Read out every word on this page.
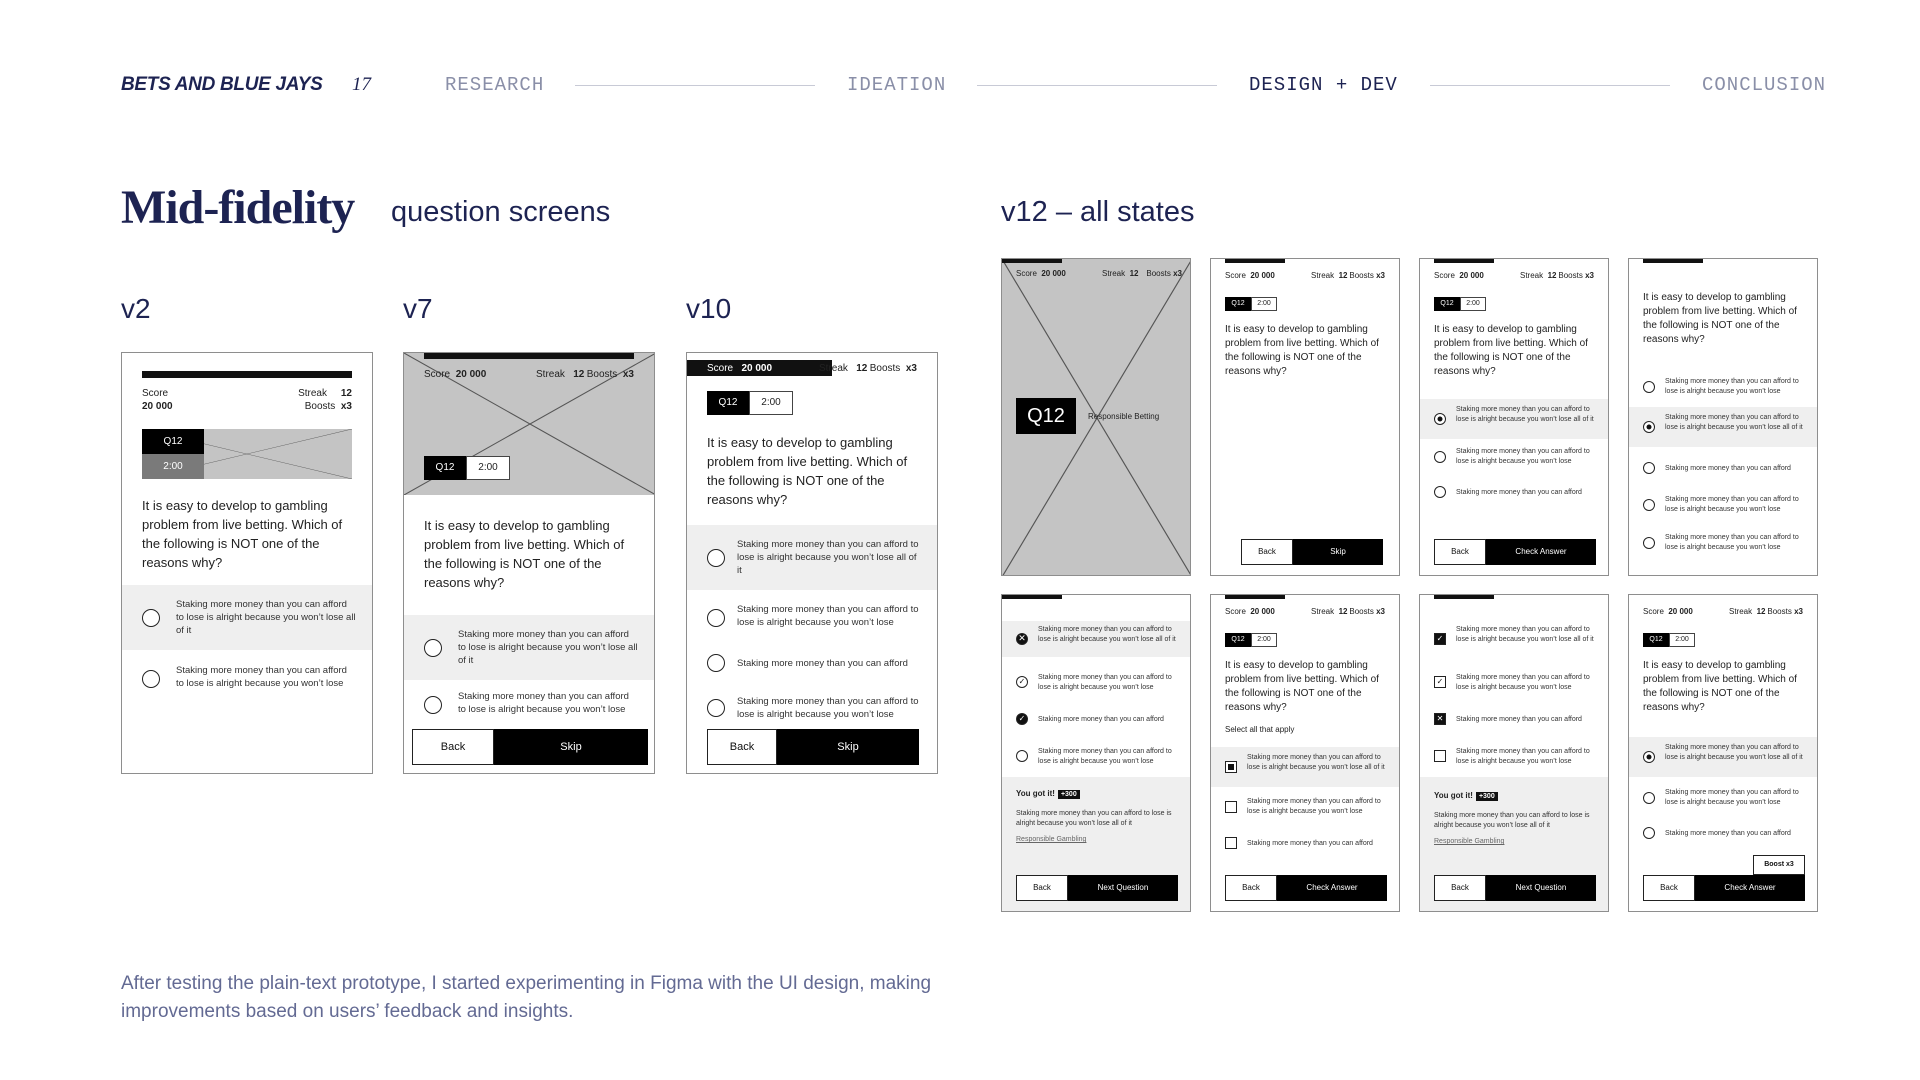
BETS AND BLUE JAYS 17	RESEARCH	IDEATION	DESIGN + DEV	CONCLUSION
Mid-fidelity question screens	v12 – all states
v2	v7	v10
Score
20 000
Streak 12
Boosts x3
Q12
2:00
It is easy to develop to gambling problem from live betting. Which of the following is NOT one of the reasons why?
Staking more money than you can afford to lose is alright because you won’t lose all of it
Staking more money than you can afford to lose is alright because you won’t lose
Score 20 000	Streak 12 Boosts x3
Q12	2:00
It is easy to develop to gambling problem from live betting. Which of the following is NOT one of the reasons why?
Staking more money than you can afford to lose is alright because you won’t lose all of it
Staking more money than you can afford to lose is alright because you won’t lose
Back	Skip
Score 20 000	Streak 12 Boosts x3
Q12	2:00
It is easy to develop to gambling problem from live betting. Which of the following is NOT one of the reasons why?
Staking more money than you can afford to lose is alright because you won’t lose all of it
Staking more money than you can afford to lose is alright because you won’t lose
Staking more money than you can afford
Staking more money than you can afford to lose is alright because you won’t lose
Back	Skip
Score 20 000	Streak 12 Boosts x3
Q12	Responsible Betting
Score 20 000	Streak 12 Boosts x3
Q12	2:00
It is easy to develop to gambling problem from live betting. Which of the following is NOT one of the reasons why?
Back	Skip
Score 20 000	Streak 12 Boosts x3
Q12	2:00
It is easy to develop to gambling problem from live betting. Which of the following is NOT one of the reasons why?
Staking more money than you can afford to lose is alright because you won’t lose all of it
Staking more money than you can afford to lose is alright because you won’t lose
Staking more money than you can afford
Back	Check Answer
It is easy to develop to gambling problem from live betting. Which of the following is NOT one of the reasons why?
Staking more money than you can afford to lose is alright because you won’t lose
Staking more money than you can afford to lose is alright because you won’t lose all of it
Staking more money than you can afford
Staking more money than you can afford to lose is alright because you won’t lose
Staking more money than you can afford to lose is alright because you won’t lose
✕
Staking more money than you can afford to lose is alright because you won’t lose all of it
✓	Staking more money than you can afford to lose is alright because you won’t lose
✓	Staking more money than you can afford
Staking more money than you can afford to lose is alright because you won’t lose
You got it! +300
Staking more money than you can afford to lose is alright because you won’t lose all of it
Responsible Gambling
Back	Next Question
Score 20 000	Streak 12 Boosts x3
Q12	2:00
It is easy to develop to gambling problem from live betting. Which of the following is NOT one of the reasons why?
Select all that apply
Staking more money than you can afford to lose is alright because you won’t lose all of it
Staking more money than you can afford to lose is alright because you won’t lose
Staking more money than you can afford
Back	Check Answer
✓
Staking more money than you can afford to lose is alright because you won’t lose all of it
✓	Staking more money than you can afford to lose is alright because you won’t lose
✕	Staking more money than you can afford
Staking more money than you can afford to lose is alright because you won’t lose
You got it! +300
Staking more money than you can afford to lose is alright because you won’t lose all of it
Responsible Gambling
Back	Next Question
Score 20 000	Streak 12 Boosts x3
Q12	2:00
It is easy to develop to gambling problem from live betting. Which of the following is NOT one of the reasons why?
Staking more money than you can afford to lose is alright because you won’t lose all of it
Staking more money than you can afford to lose is alright because you won’t lose
Staking more money than you can afford
Boost x3
Back	Check Answer
After testing the plain-text prototype, I started experimenting in Figma with the UI design, making improvements based on users’ feedback and insights.
